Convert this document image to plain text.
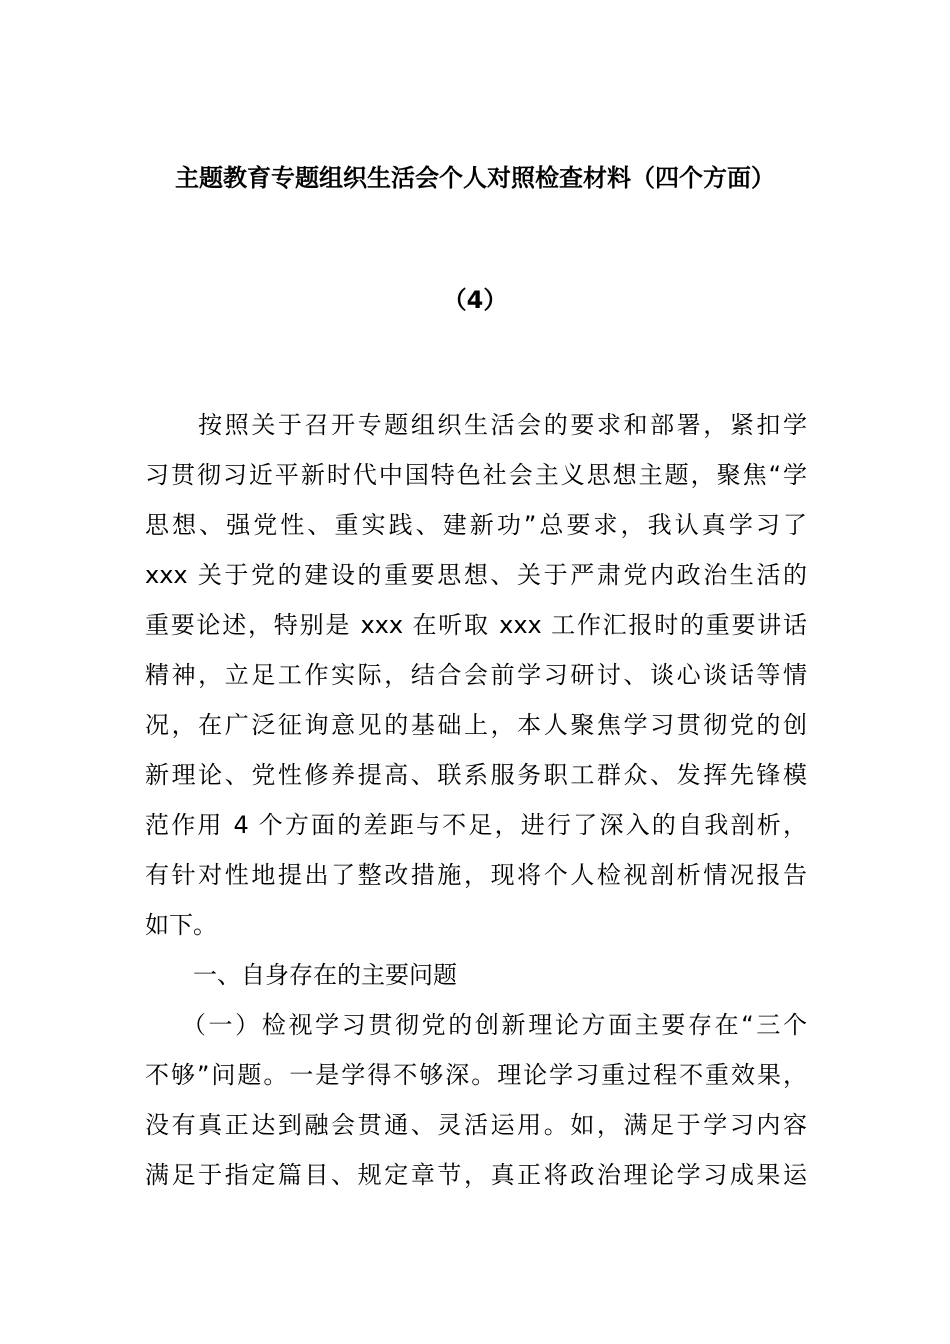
主题教育专题组织生活会个人对照检查材料（四个方面）
（4）
　　按照关于召开专题组织生活会的要求和部署，紧扣学
习贯彻习近平新时代中国特色社会主义思想主题，聚焦“学
思想、强党性、重实践、建新功”总要求，我认真学习了
xxx 关于党的建设的重要思想、关于严肃党内政治生活的
重要论述，特别是 xxx 在听取 xxx 工作汇报时的重要讲话
精神，立足工作实际，结合会前学习研讨、谈心谈话等情
况，在广泛征询意见的基础上，本人聚焦学习贯彻党的创
新理论、党性修养提高、联系服务职工群众、发挥先锋模
范作用 4 个方面的差距与不足，进行了深入的自我剖析，
有针对性地提出了整改措施，现将个人检视剖析情况报告
如下。
　　一、自身存在的主要问题
　 （一）检视学习贯彻党的创新理论方面主要存在“三个
不够”问题。一是学得不够深。理论学习重过程不重效果，
没有真正达到融会贯通、灵活运用。如，满足于学习内容
满足于指定篇目、规定章节，真正将政治理论学习成果运
